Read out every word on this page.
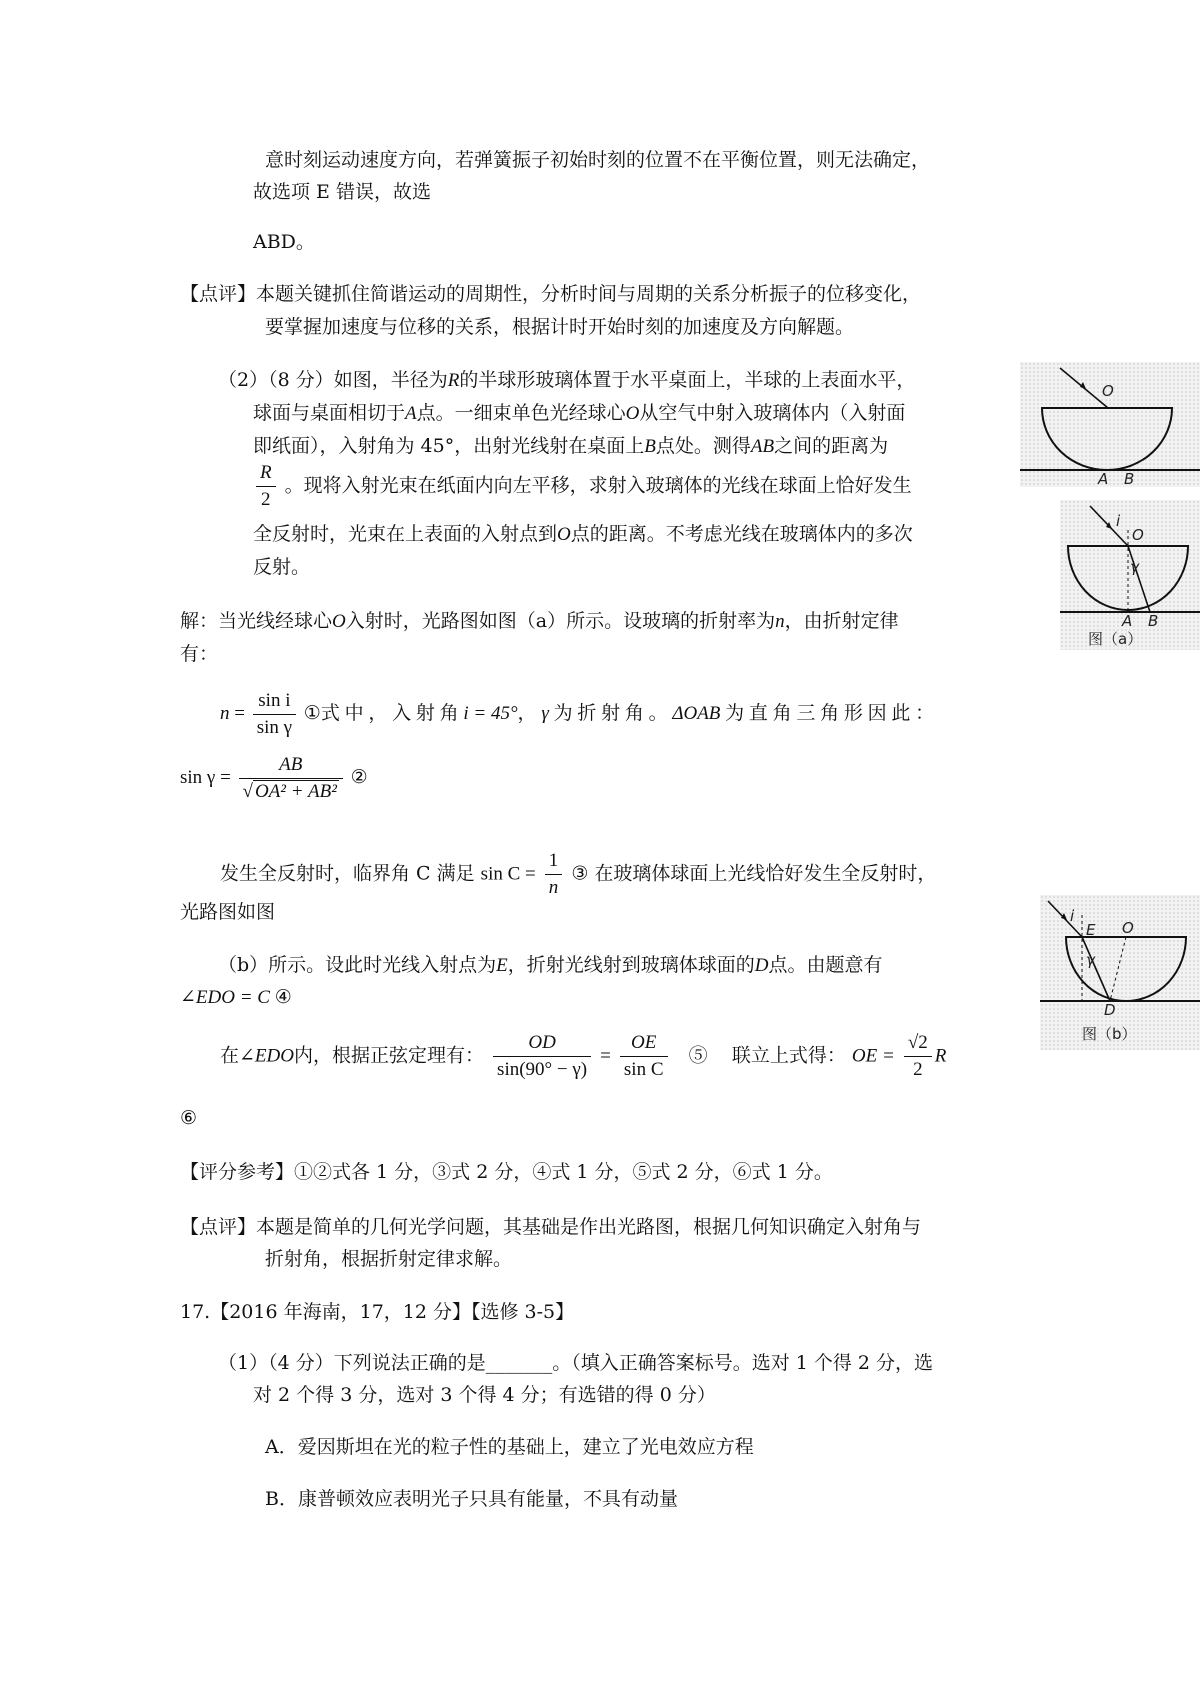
意时刻运动速度方向，若弹簧振子初始时刻的位置不在平衡位置，则无法确定，
故选项 E 错误，故选
ABD。
【点评】本题关键抓住简谐运动的周期性，分析时间与周期的关系分析振子的位移变化，
要掌握加速度与位移的关系，根据计时开始时刻的加速度及方向解题。
（2）（8 分）如图，半径为R的半球形玻璃体置于水平桌面上，半球的上表面水平，
球面与桌面相切于A点。一细束单色光经球心O从空气中射入玻璃体内（入射面
即纸面），入射角为 45°，出射光线射在桌面上B点处。测得AB之间的距离为
$\frac{R}{2}$ 。现将入射光束在纸面内向左平移，求射入玻璃体的光线在球面上恰好发生
全反射时，光束在上表面的入射点到O点的距离。不考虑光线在玻璃体内的多次
反射。
解：当光线经球心O入射时，光路图如图（a）所示。设玻璃的折射率为n，由折射定律
有：
$n = \frac{\text{sin i}}{\text{sin γ}}$ ①式 中 ， 入 射 角 i = 45°， γ 为 折 射 角 。 ΔOAB 为 直 角 三 角 形 因 此 ：
$\sin \gamma = \frac{AB}{\text{√ OA² + AB²}}$ ②
发生全反射时，临界角 C 满足 $\sin C = \frac{1}{n}$ ③ 在玻璃体球面上光线恰好发生全反射时，
光路图如图
（b）所示。设此时光线入射点为E，折射光线射到玻璃体球面的D点。由题意有
∠EDO = C ④
在∠EDO内，根据正弦定理有： $\frac{OD}{\sin(90^\circ - \gamma)} = \frac{OE}{\text{sin C}}$ ⑤ 联立上式得： OE = $\frac{√2}{2}$ R
⑥
【评分参考】①②式各 1 分，③式 2 分，④式 1 分，⑤式 2 分，⑥式 1 分。
【点评】本题是简单的几何光学问题，其基础是作出光路图，根据几何知识确定入射角与
折射角，根据折射定律求解。
17.【2016 年海南，17，12 分】【选修 3-5】
（1）（4 分）下列说法正确的是_______。（填入正确答案标号。选对 1 个得 2 分，选
对 2 个得 3 分，选对 3 个得 4 分；有选错的得 0 分）
A．爱因斯坦在光的粒子性的基础上，建立了光电效应方程
B．康普顿效应表明光子只具有能量，不具有动量
O
A B
i
O
γ
A B
图（a）
i
E O
γ
D
图（b）
